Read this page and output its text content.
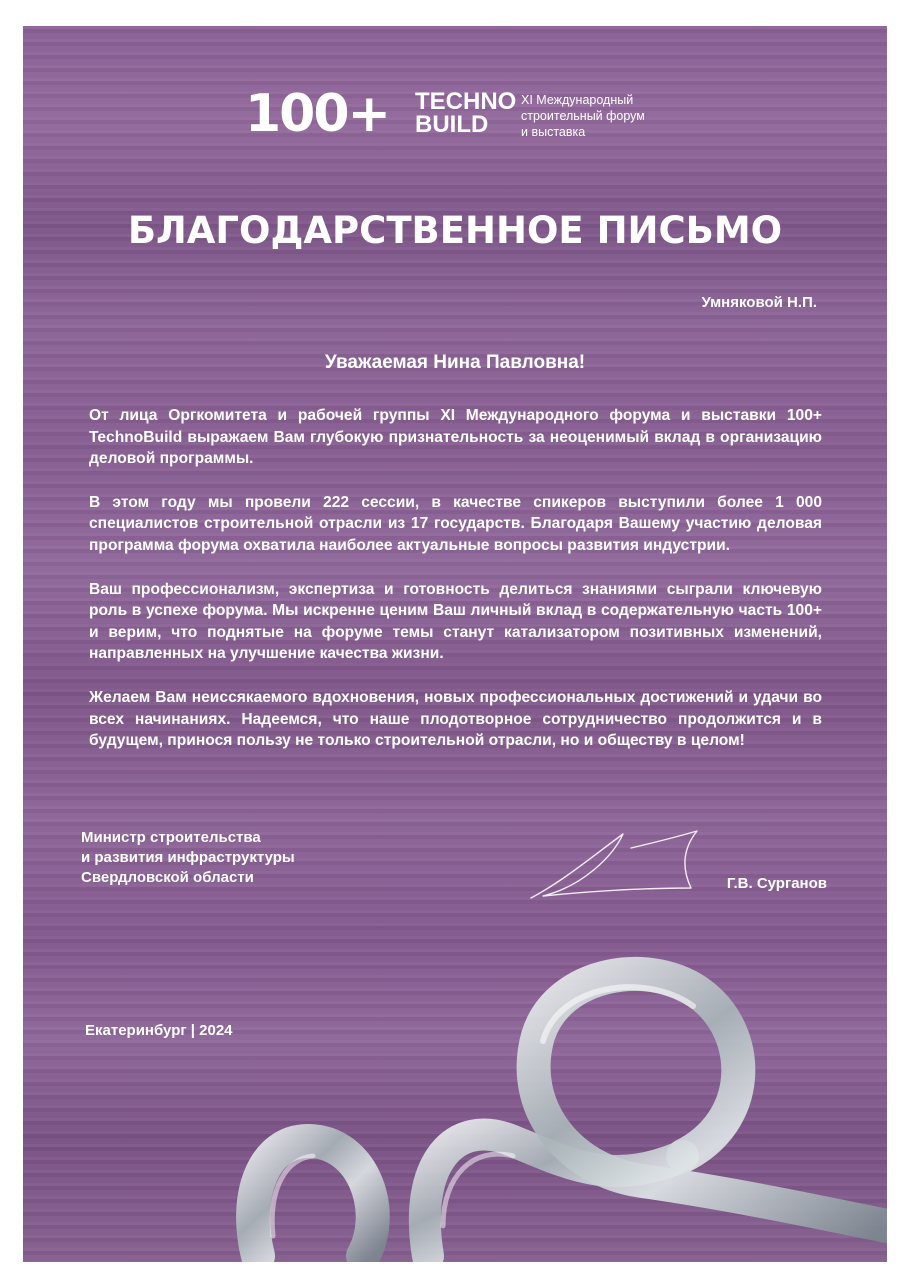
100+ TECHNO
BUILD
XI Международный
строительный форум
и выставка
БЛАГОДАРСТВЕННОЕ ПИСЬМО
Умняковой Н.П.
Уважаемая Нина Павловна!

От лица Оргкомитета и рабочей группы XI Международного форума и выставки 100+ TechnoBuild выражаем Вам глубокую признательность за неоценимый вклад в организацию деловой программы.

В этом году мы провели 222 сессии, в качестве спикеров выступили более 1 000 специалистов строительной отрасли из 17 государств. Благодаря Вашему участию деловая программа форума охватила наиболее актуальные вопросы развития индустрии.

Ваш профессионализм, экспертиза и готовность делиться знаниями сыграли ключевую роль в успехе форума. Мы искренне ценим Ваш личный вклад в содержательную часть 100+ и верим, что поднятые на форуме темы станут катализатором позитивных изменений, направленных на улучшение качества жизни.

Желаем Вам неиссякаемого вдохновения, новых профессиональных достижений и удачи во всех начинаниях. Надеемся, что наше плодотворное сотрудничество продолжится и в будущем, принося пользу не только строительной отрасли, но и обществу в целом!

Министр строительства
и развития инфраструктуры
Свердловской области	Г.В. Сурганов
Екатеринбург | 2024
